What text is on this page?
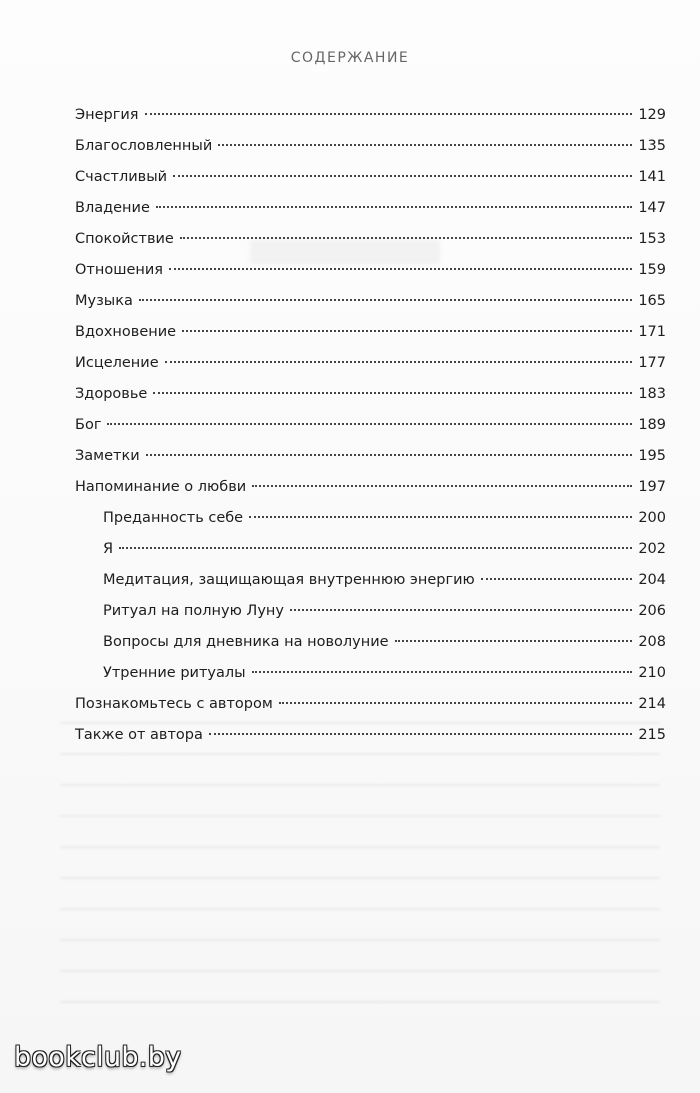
СОДЕРЖАНИЕ
Энергия	129
Благословленный	135
Счастливый	141
Владение	147
Спокойствие	153
Отношения	159
Музыка	165
Вдохновение	171
Исцеление	177
Здоровье	183
Бог	189
Заметки	195
Напоминание о любви	197
Преданность себе	200
Я	202
Медитация, защищающая внутреннюю энергию	204
Ритуал на полную Луну	206
Вопросы для дневника на новолуние	208
Утренние ритуалы	210
Познакомьтесь с автором	214
Также от автора	215
bookclub.by
